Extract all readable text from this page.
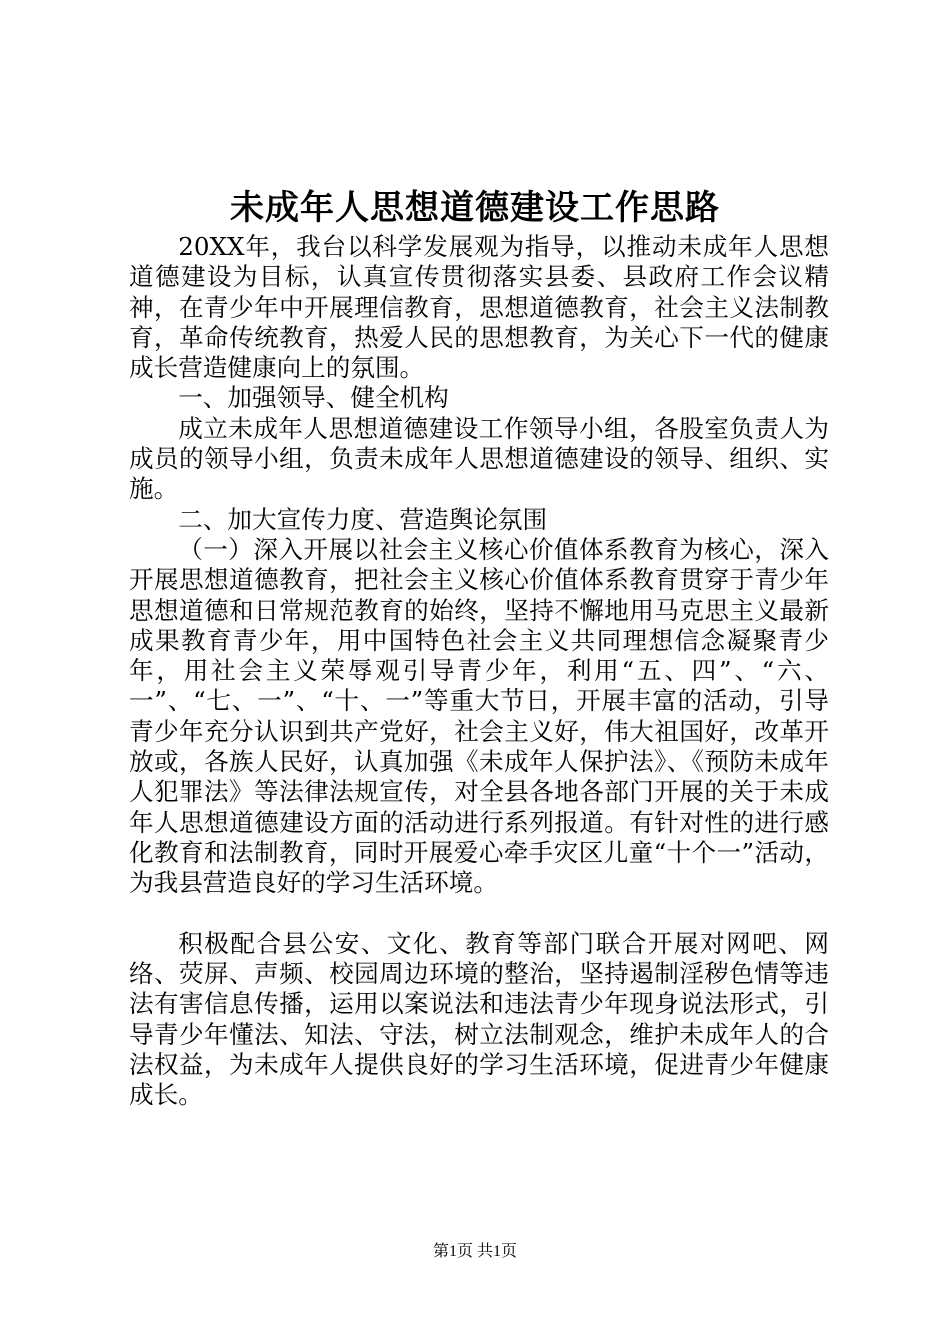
未成年人思想道德建设工作思路

20XX年，我台以科学发展观为指导，以推动未成年人思想道德建设为目标，认真宣传贯彻落实县委、县政府工作会议精神，在青少年中开展理信教育，思想道德教育，社会主义法制教育，革命传统教育，热爱人民的思想教育，为关心下一代的健康成长营造健康向上的氛围。

一、加强领导、健全机构

成立未成年人思想道德建设工作领导小组，各股室负责人为成员的领导小组，负责未成年人思想道德建设的领导、组织、实施。

二、加大宣传力度、营造舆论氛围

（一）深入开展以社会主义核心价值体系教育为核心，深入开展思想道德教育，把社会主义核心价值体系教育贯穿于青少年思想道德和日常规范教育的始终，坚持不懈地用马克思主义最新成果教育青少年，用中国特色社会主义共同理想信念凝聚青少年，用社会主义荣辱观引导青少年，利用“五、四”、“六、一”、“七、一”、“十、一”等重大节日，开展丰富的活动，引导青少年充分认识到共产党好，社会主义好，伟大祖国好，改革开放或，各族人民好，认真加强《未成年人保护法》、《预防未成年人犯罪法》等法律法规宣传，对全县各地各部门开展的关于未成年人思想道德建设方面的活动进行系列报道。有针对性的进行感化教育和法制教育，同时开展爱心牵手灾区儿童“十个一”活动，为我县营造良好的学习生活环境。

积极配合县公安、文化、教育等部门联合开展对网吧、网络、荧屏、声频、校园周边环境的整治，坚持遏制淫秽色情等违法有害信息传播，运用以案说法和违法青少年现身说法形式，引导青少年懂法、知法、守法，树立法制观念，维护未成年人的合法权益，为未成年人提供良好的学习生活环境，促进青少年健康成长。

第1页 共1页
